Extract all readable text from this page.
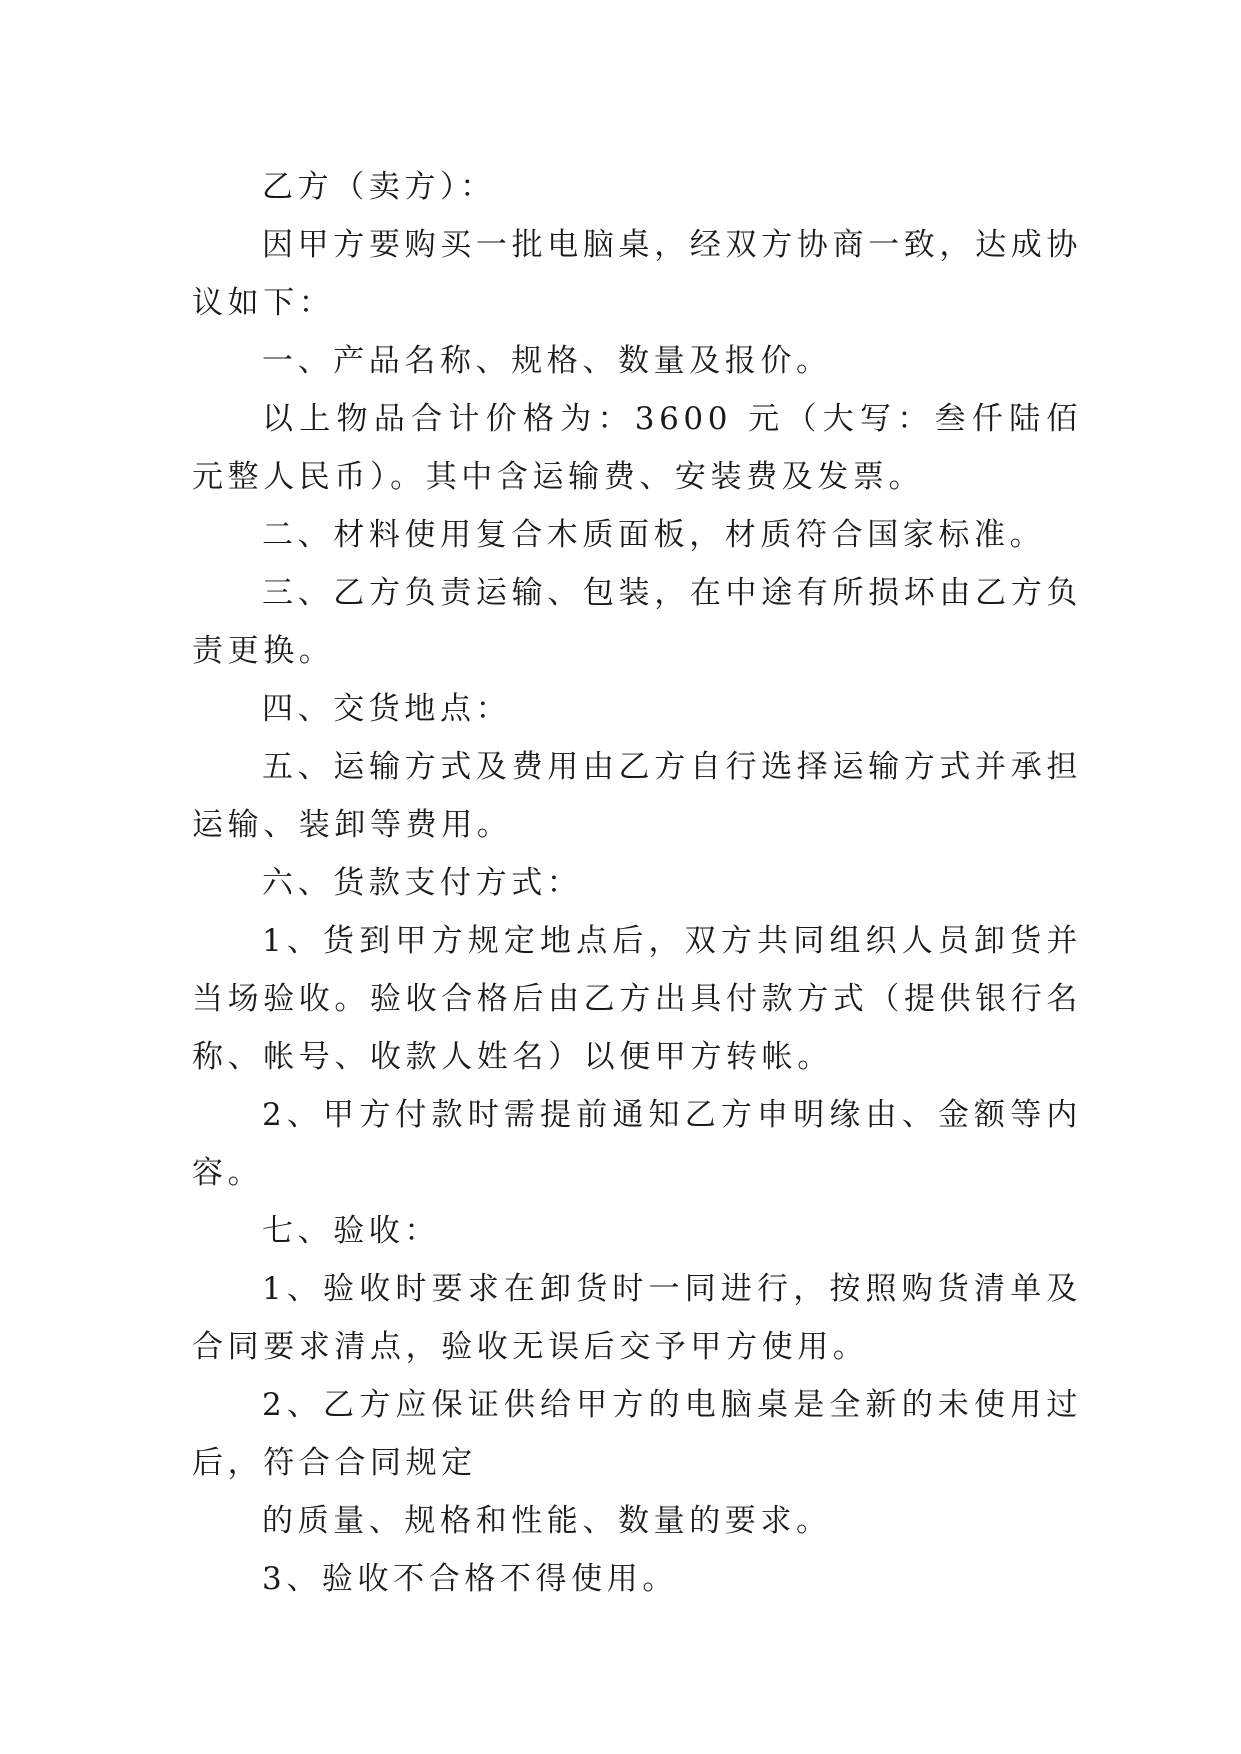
乙方（卖方）：

因甲方要购买一批电脑桌，经双方协商一致，达成协议如下：

一、产品名称、规格、数量及报价。

以上物品合计价格为：3600 元（大写：叁仟陆佰元整人民币）。其中含运输费、安装费及发票。

二、材料使用复合木质面板，材质符合国家标准。

三、乙方负责运输、包装，在中途有所损坏由乙方负责更换。

四、交货地点：

五、运输方式及费用由乙方自行选择运输方式并承担运输、装卸等费用。

六、货款支付方式：

1、货到甲方规定地点后，双方共同组织人员卸货并当场验收。验收合格后由乙方出具付款方式（提供银行名称、帐号、收款人姓名）以便甲方转帐。

2、甲方付款时需提前通知乙方申明缘由、金额等内容。

七、验收：

1、验收时要求在卸货时一同进行，按照购货清单及合同要求清点，验收无误后交予甲方使用。

2、乙方应保证供给甲方的电脑桌是全新的未使用过后，符合合同规定

的质量、规格和性能、数量的要求。

3、验收不合格不得使用。
